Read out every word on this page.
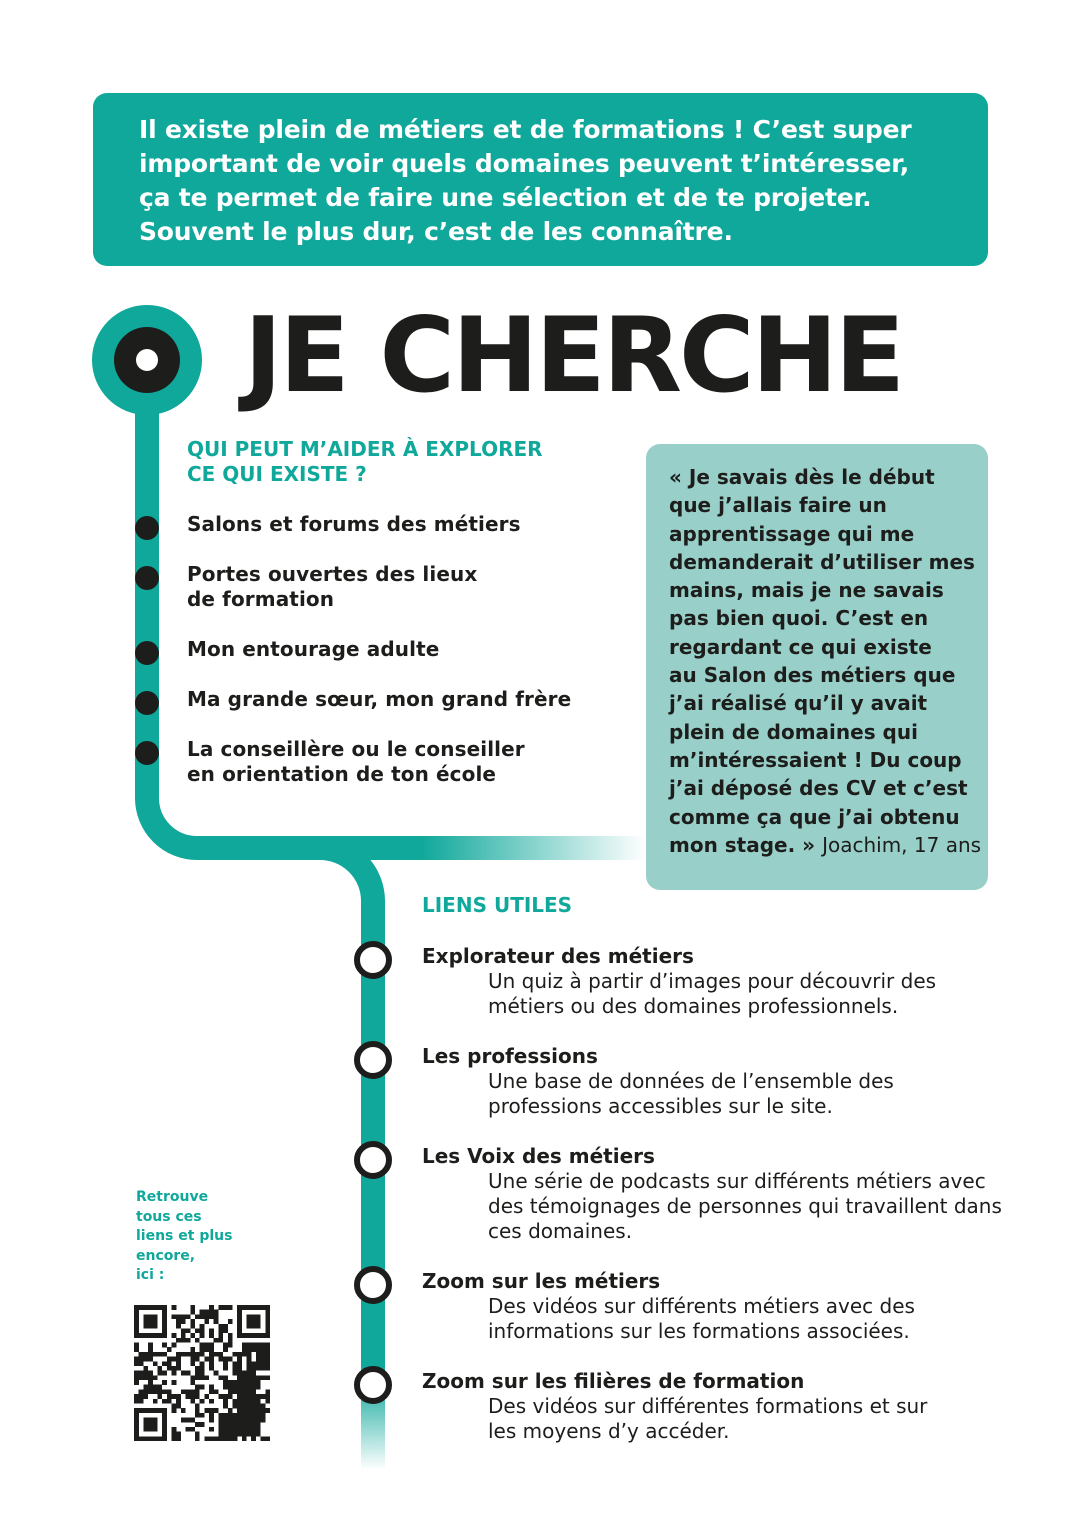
Il existe plein de métiers et de formations ! C’est super
important de voir quels domaines peuvent t’intéresser,
ça te permet de faire une sélection et de te projeter.
Souvent le plus dur, c’est de les connaître.
JE CHERCHE
QUI PEUT M’AIDER À EXPLORER
CE QUI EXISTE ?
Salons et forums des métiers
Portes ouvertes des lieux
de formation
Mon entourage adulte
Ma grande sœur, mon grand frère
La conseillère ou le conseiller
en orientation de ton école
« Je savais dès le début
que j’allais faire un
apprentissage qui me
demanderait d’utiliser mes
mains, mais je ne savais
pas bien quoi. C’est en
regardant ce qui existe
au Salon des métiers que
j’ai réalisé qu’il y avait
plein de domaines qui
m’intéressaient ! Du coup
j’ai déposé des CV et c’est
comme ça que j’ai obtenu
mon stage. » Joachim, 17 ans
LIENS UTILES
Explorateur des métiers
Un quiz à partir d’images pour découvrir des
métiers ou des domaines professionnels.
Les professions
Une base de données de l’ensemble des
professions accessibles sur le site.
Les Voix des métiers
Une série de podcasts sur différents métiers avec
des témoignages de personnes qui travaillent dans
ces domaines.
Zoom sur les métiers
Des vidéos sur différents métiers avec des
informations sur les formations associées.
Zoom sur les filières de formation
Des vidéos sur différentes formations et sur
les moyens d’y accéder.
Retrouve
tous ces
liens et plus
encore,
ici :
